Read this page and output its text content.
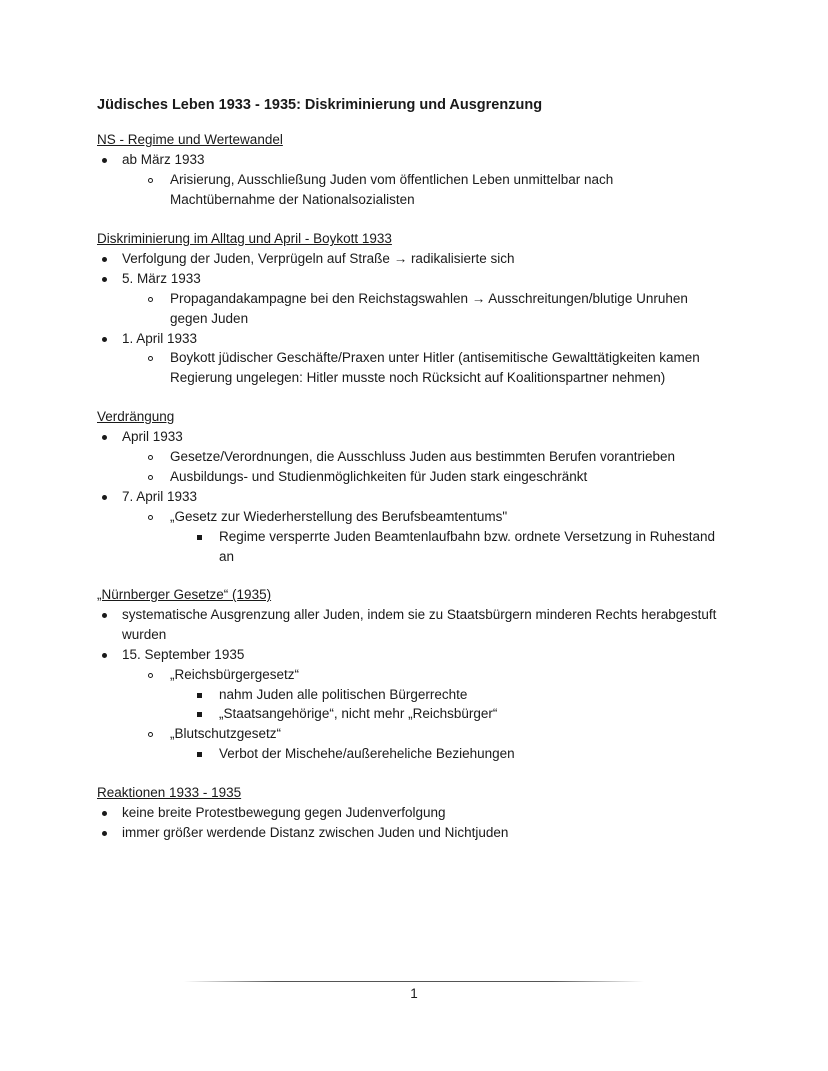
Jüdisches Leben 1933 - 1935: Diskriminierung und Ausgrenzung
NS - Regime und Wertewandel
ab März 1933
Arisierung, Ausschließung Juden vom öffentlichen Leben unmittelbar nach
Machtübernahme der Nationalsozialisten
Diskriminierung im Alltag und April - Boykott 1933
Verfolgung der Juden, Verprügeln auf Straße → radikalisierte sich
5. März 1933
Propagandakampagne bei den Reichstagswahlen → Ausschreitungen/blutige Unruhen
gegen Juden
1. April 1933
Boykott jüdischer Geschäfte/Praxen unter Hitler (antisemitische Gewalttätigkeiten kamen
Regierung ungelegen: Hitler musste noch Rücksicht auf Koalitionspartner nehmen)
Verdrängung
April 1933
Gesetze/Verordnungen, die Ausschluss Juden aus bestimmten Berufen vorantrieben
Ausbildungs- und Studienmöglichkeiten für Juden stark eingeschränkt
7. April 1933
„Gesetz zur Wiederherstellung des Berufsbeamtentums"
Regime versperrte Juden Beamtenlaufbahn bzw. ordnete Versetzung in Ruhestand
an
„Nürnberger Gesetze“ (1935)
systematische Ausgrenzung aller Juden, indem sie zu Staatsbürgern minderen Rechts herabgestuft
wurden
15. September 1935
„Reichsbürgergesetz“
nahm Juden alle politischen Bürgerrechte
„Staatsangehörige“, nicht mehr „Reichsbürger“
„Blutschutzgesetz“
Verbot der Mischehe/außereheliche Beziehungen
Reaktionen 1933 - 1935
keine breite Protestbewegung gegen Judenverfolgung
immer größer werdende Distanz zwischen Juden und Nichtjuden
1
